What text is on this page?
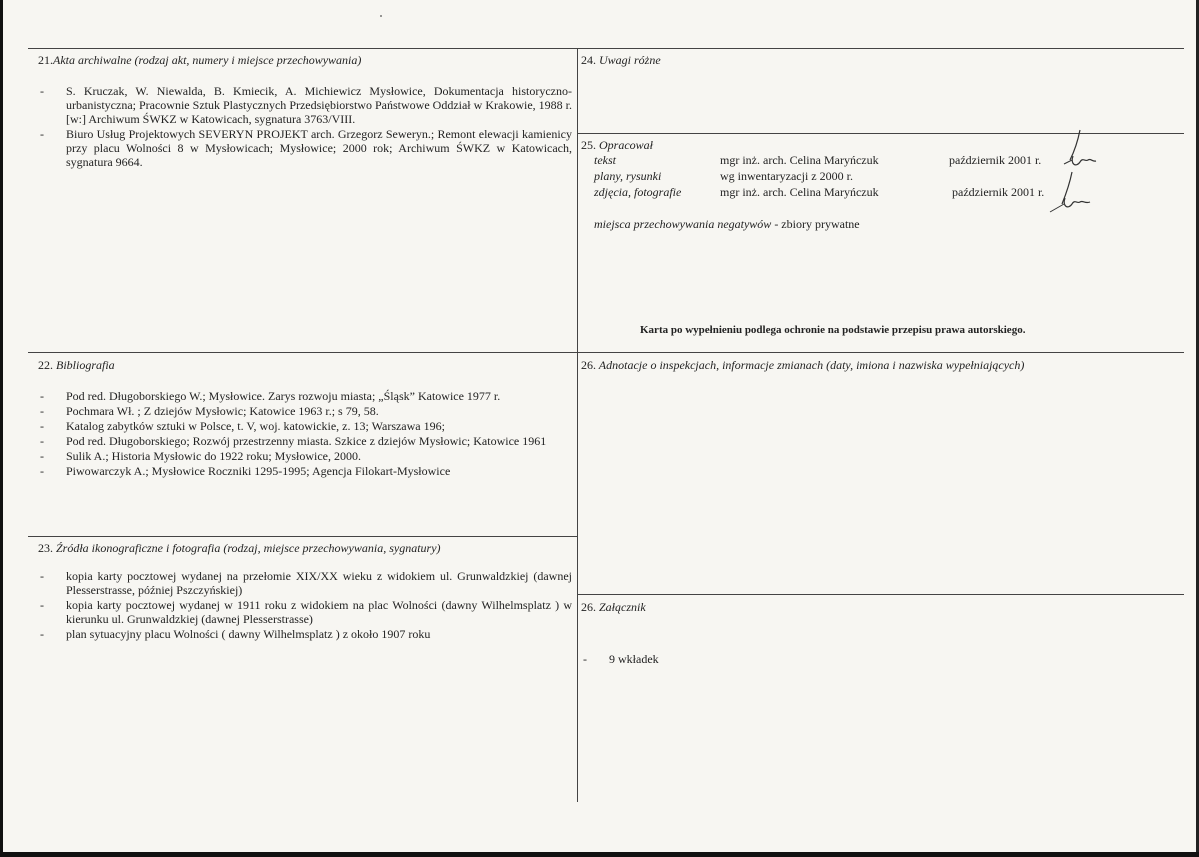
21.Akta archiwalne (rodzaj akt, numery i miejsce przechowywania)
- S. Kruczak, W. Niewalda, B. Kmiecik, A. Michiewicz Mysłowice, Dokumentacja historyczno-urbanistyczna; Pracownie Sztuk Plastycznych Przedsiębiorstwo Państwowe Oddział w Krakowie, 1988 r. [w:] Archiwum ŚWKZ w Katowicach, sygnatura 3763/VIII.
- Biuro Usług Projektowych SEVERYN PROJEKT arch. Grzegorz Seweryn.; Remont elewacji kamienicy przy placu Wolności 8 w Mysłowicach; Mysłowice; 2000 rok; Archiwum ŚWKZ w Katowicach, sygnatura 9664.
22. Bibliografia
- Pod red. Długoborskiego W.; Mysłowice. Zarys rozwoju miasta; „Śląsk” Katowice 1977 r.
- Pochmara Wł. ; Z dziejów Mysłowic; Katowice 1963 r.; s 79, 58.
- Katalog zabytków sztuki w Polsce, t. V, woj. katowickie, z. 13; Warszawa 196;
- Pod red. Długoborskiego; Rozwój przestrzenny miasta. Szkice z dziejów Mysłowic; Katowice 1961
- Sulik A.; Historia Mysłowic do 1922 roku; Mysłowice, 2000.
- Piwowarczyk A.; Mysłowice Roczniki 1295-1995; Agencja Filokart-Mysłowice
23. Źródła ikonograficzne i fotografia (rodzaj, miejsce przechowywania, sygnatury)
- kopia karty pocztowej wydanej na przełomie XIX/XX wieku z widokiem ul. Grunwaldzkiej (dawnej Plesserstrasse, później Pszczyńskiej)
- kopia karty pocztowej wydanej w 1911 roku z widokiem na plac Wolności (dawny Wilhelmsplatz ) w kierunku ul. Grunwaldzkiej (dawnej Plesserstrasse)
- plan sytuacyjny placu Wolności ( dawny Wilhelmsplatz ) z około 1907 roku
24. Uwagi różne
25. Opracował
tekst	mgr inż. arch. Celina Maryńczuk	październik 2001 r.
plany, rysunki	wg inwentaryzacji z 2000 r.
zdjęcia, fotografie	mgr inż. arch. Celina Maryńczuk	październik 2001 r.
miejsca przechowywania negatywów - zbiory prywatne
Karta po wypełnieniu podlega ochronie na podstawie przepisu prawa autorskiego.
26. Adnotacje o inspekcjach, informacje zmianach (daty, imiona i nazwiska wypełniających)
26. Załącznik
- 9 wkładek
